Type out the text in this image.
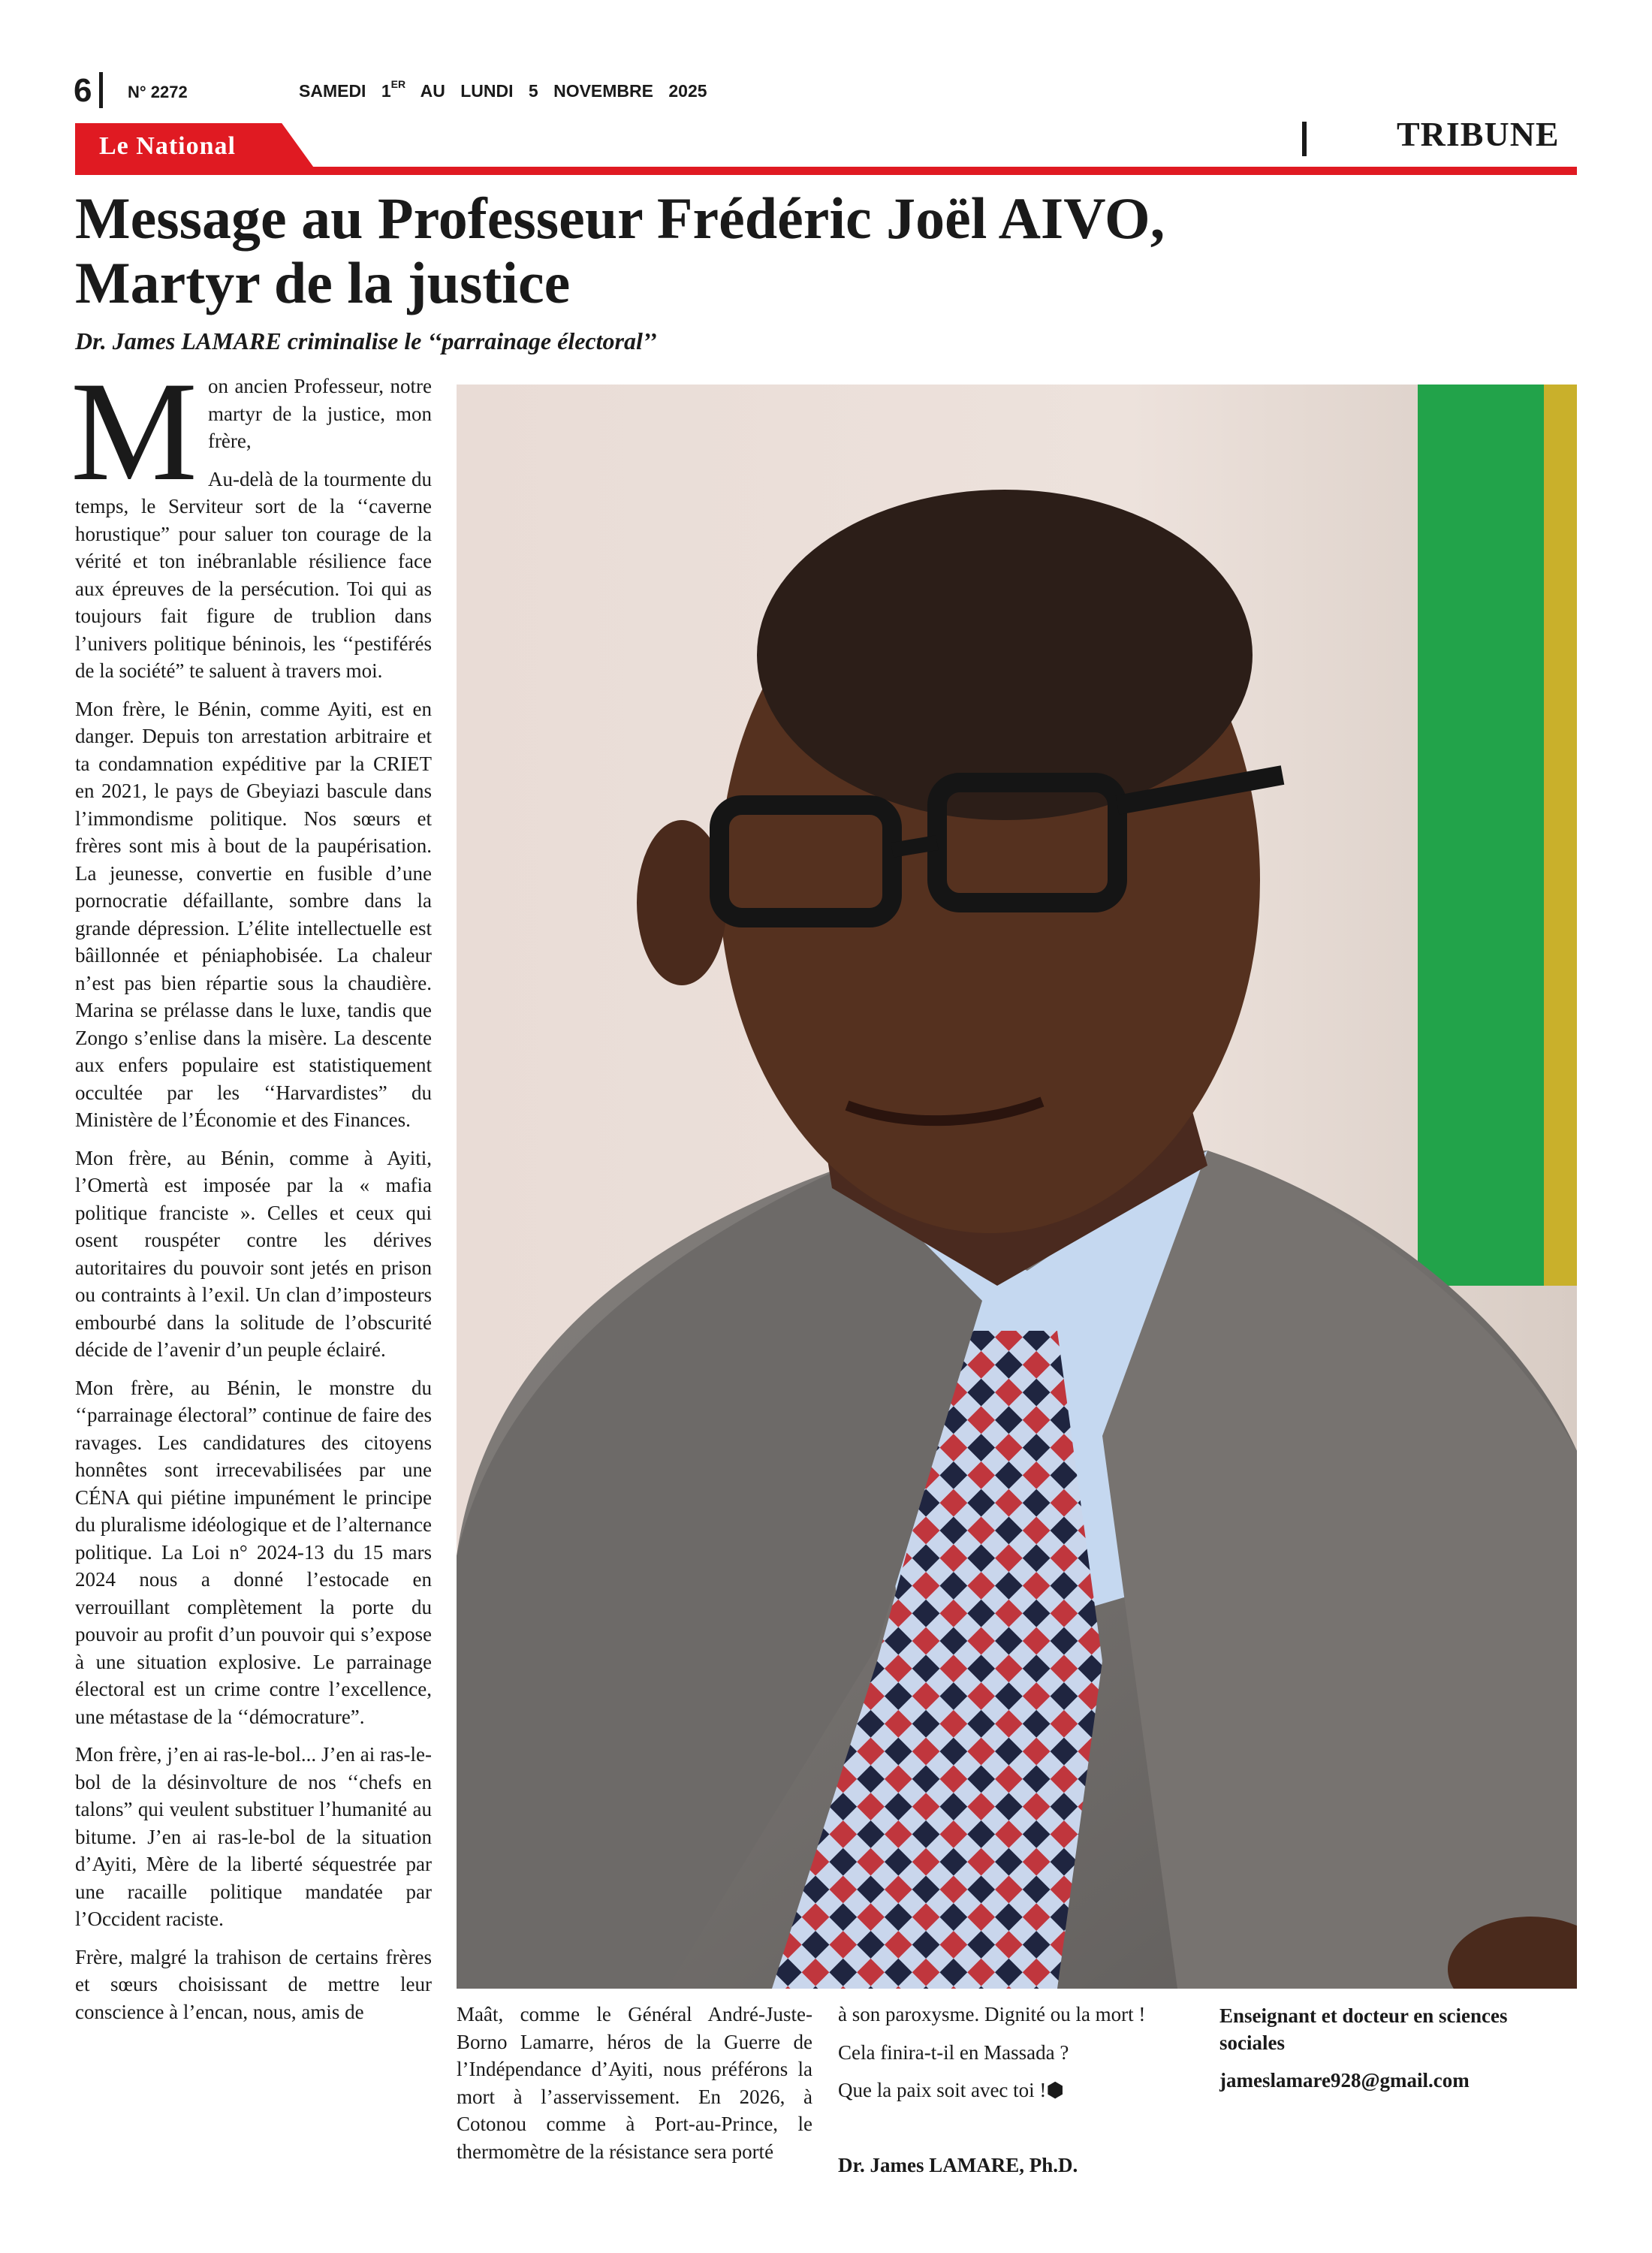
6 N° 2272	SAMEDI 1ER AU LUNDI 5 NOVEMBRE 2025
Le National	TRIBUNE
Message au Professeur Frédéric Joël AIVO,
Martyr de la justice
Dr. James LAMARE criminalise le ‘‘parrainage électoral’’

Mon ancien Professeur, notre martyr de la justice, mon frère,

Au-delà de la tourmente du temps, le Serviteur sort de la ‘‘caverne horustique” pour saluer ton courage de la vérité et ton inébranlable résilience face aux épreuves de la persécution. Toi qui as toujours fait figure de trublion dans l’univers politique béninois, les ‘‘pestiférés de la société” te saluent à travers moi.

Mon frère, le Bénin, comme Ayiti, est en danger. Depuis ton arrestation arbitraire et ta condamnation expéditive par la CRIET en 2021, le pays de Gbeyiazi bascule dans l’immondisme politique. Nos sœurs et frères sont mis à bout de la paupérisation. La jeunesse, convertie en fusible d’une pornocratie défaillante, sombre dans la grande dépression. L’élite intellectuelle est bâillonnée et péniaphobisée. La chaleur n’est pas bien répartie sous la chaudière. Marina se prélasse dans le luxe, tandis que Zongo s’enlise dans la misère. La descente aux enfers populaire est statistiquement occultée par les ‘‘Harvardistes” du Ministère de l’Économie et des Finances.

Mon frère, au Bénin, comme à Ayiti, l’Omertà est imposée par la « mafia politique franciste ». Celles et ceux qui osent rouspéter contre les dérives autoritaires du pouvoir sont jetés en prison ou contraints à l’exil. Un clan d’imposteurs embourbé dans la solitude de l’obscurité décide de l’avenir d’un peuple éclairé.

Mon frère, au Bénin, le monstre du ‘‘parrainage électoral” continue de faire des ravages. Les candidatures des citoyens honnêtes sont irrecevabilisées par une CÉNA qui piétine impunément le principe du pluralisme idéologique et de l’alternance politique. La Loi n° 2024-13 du 15 mars 2024 nous a donné l’estocade en verrouillant complètement la porte du pouvoir au profit d’un pouvoir qui s’expose à une situation explosive. Le parrainage électoral est un crime contre l’excellence, une métastase de la ‘‘démocrature”.

Mon frère, j’en ai ras-le-bol... J’en ai ras-le-bol de la désinvolture de nos ‘‘chefs en talons” qui veulent substituer l’humanité au bitume. J’en ai ras-le-bol de la situation d’Ayiti, Mère de la liberté séquestrée par une racaille politique mandatée par l’Occident raciste.

Frère, malgré la trahison de certains frères et sœurs choisissant de mettre leur conscience à l’encan, nous, amis de	Maât, comme le Général André-Juste-Borno Lamarre, héros de la Guerre de l’Indépendance d’Ayiti, nous préférons la mort à l’asservissement. En 2026, à Cotonou comme à Port-au-Prince, le thermomètre de la résistance sera porté

à son paroxysme. Dignité ou la mort !

Cela finira-t-il en Massada ?

Que la paix soit avec toi !⬢

Dr. James LAMARE, Ph.D.

Enseignant et docteur en sciences sociales

jameslamare928@gmail.com
